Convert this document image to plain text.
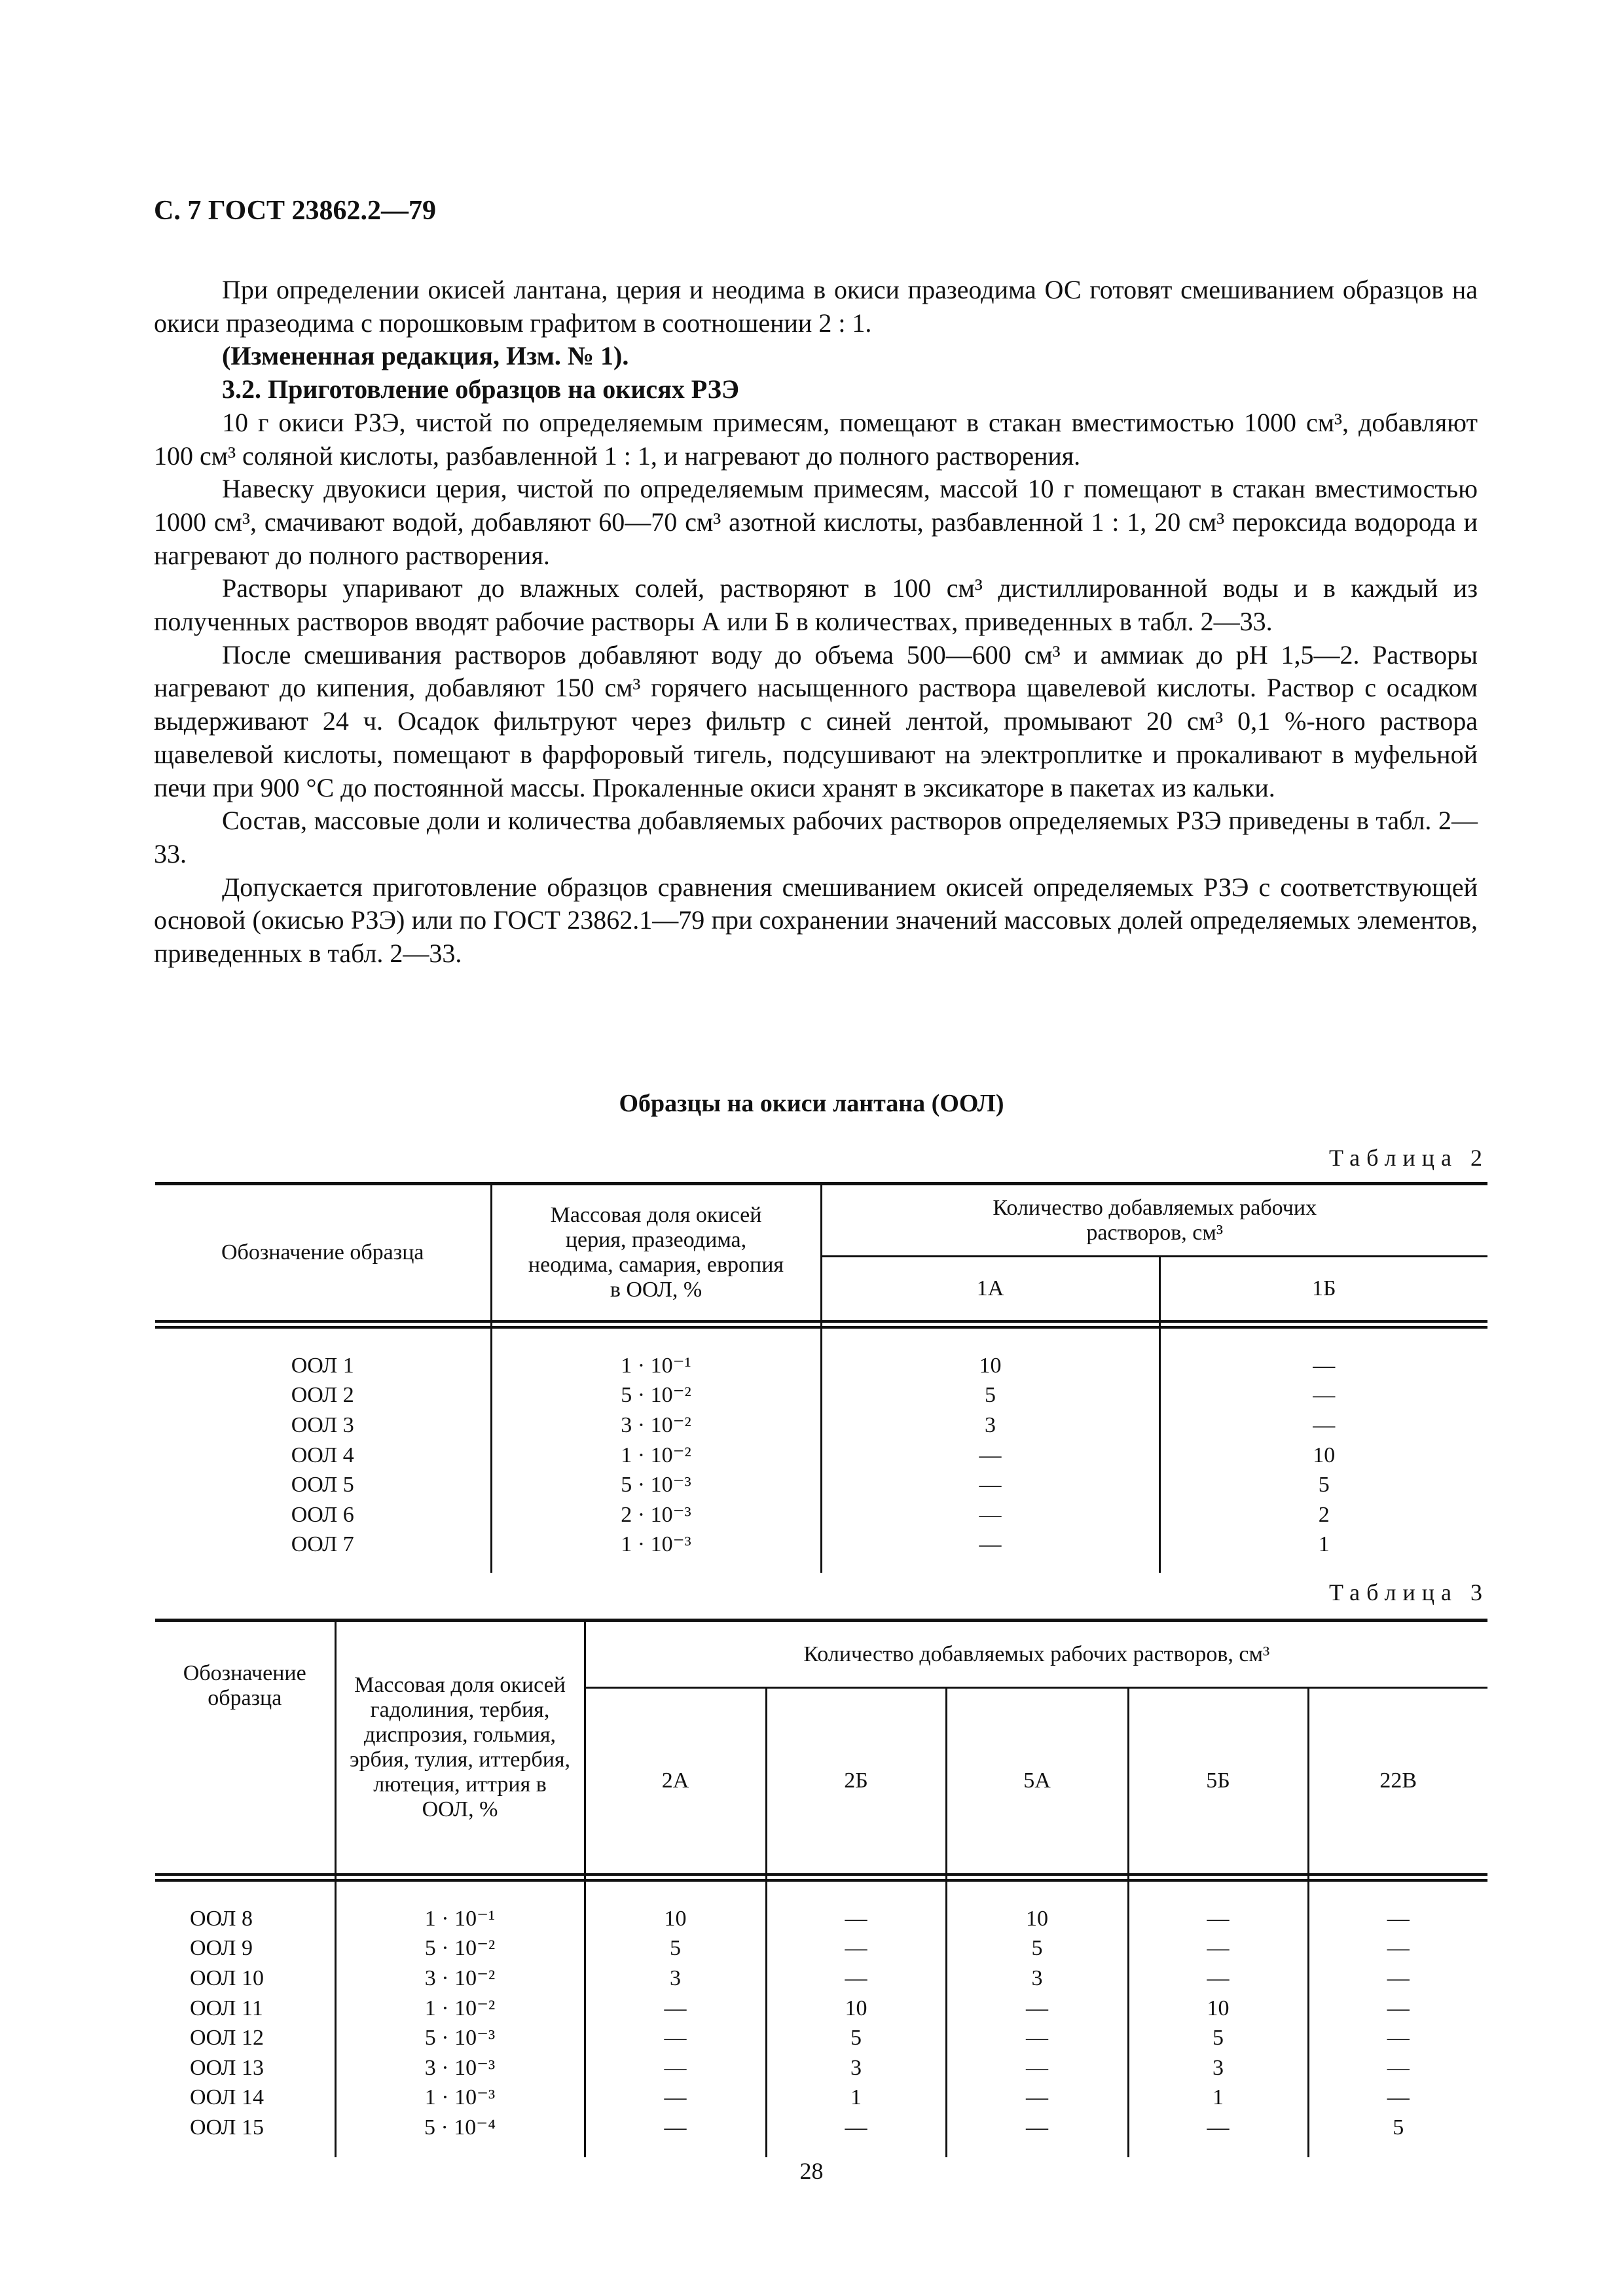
С. 7 ГОСТ 23862.2—79

При определении окисей лантана, церия и неодима в окиси празеодима ОС готовят смешиванием образцов на окиси празеодима с порошковым графитом в соотношении 2 : 1.

(Измененная редакция, Изм. № 1).

3.2. Приготовление образцов на окисях РЗЭ

10 г окиси РЗЭ, чистой по определяемым примесям, помещают в стакан вместимостью 1000 см³, добавляют 100 см³ соляной кислоты, разбавленной 1 : 1, и нагревают до полного растворения.

Навеску двуокиси церия, чистой по определяемым примесям, массой 10 г помещают в стакан вместимостью 1000 см³, смачивают водой, добавляют 60—70 см³ азотной кислоты, разбавленной 1 : 1, 20 см³ пероксида водорода и нагревают до полного растворения.

Растворы упаривают до влажных солей, растворяют в 100 см³ дистиллированной воды и в каждый из полученных растворов вводят рабочие растворы А или Б в количествах, приведенных в табл. 2—33.

После смешивания растворов добавляют воду до объема 500—600 см³ и аммиак до рН 1,5—2. Растворы нагревают до кипения, добавляют 150 см³ горячего насыщенного раствора щавелевой кислоты. Раствор с осадком выдерживают 24 ч. Осадок фильтруют через фильтр с синей лентой, промывают 20 см³ 0,1 %-ного раствора щавелевой кислоты, помещают в фарфоровый тигель, подсушивают на электроплитке и прокаливают в муфельной печи при 900 °С до постоянной массы. Прокаленные окиси хранят в эксикаторе в пакетах из кальки.

Состав, массовые доли и количества добавляемых рабочих растворов определяемых РЗЭ приведены в табл. 2—33.

Допускается приготовление образцов сравнения смешиванием окисей определяемых РЗЭ с соответствующей основой (окисью РЗЭ) или по ГОСТ 23862.1—79 при сохранении значений массовых долей определяемых элементов, приведенных в табл. 2—33.

Образцы на окиси лантана (ООЛ)
Таблица 2
Обозначение образца	Массовая доля окисей церия, празеодима, неодима, самария, европия в ООЛ, %	Количество добавляемых рабочих растворов, см³	
		1А	1Б

ООЛ 1	1 · 10⁻¹	10	—
ООЛ 2	5 · 10⁻²	5	—
ООЛ 3	3 · 10⁻²	3	—
ООЛ 4	1 · 10⁻²	—	10
ООЛ 5	5 · 10⁻³	—	5
ООЛ 6	2 · 10⁻³	—	2
ООЛ 7	1 · 10⁻³	—	1

Таблица 3
Обозначение образца	Массовая доля окисей гадолиния, тербия, диспрозия, гольмия, эрбия, тулия, иттербия, лютеция, иттрия в ООЛ, %	Количество добавляемых рабочих растворов, см³				
		2А	2Б	5А	5Б	22В

ООЛ 8	1 · 10⁻¹	10	—	10	—	—
ООЛ 9	5 · 10⁻²	5	—	5	—	—
ООЛ 10	3 · 10⁻²	3	—	3	—	—
ООЛ 11	1 · 10⁻²	—	10	—	10	—
ООЛ 12	5 · 10⁻³	—	5	—	5	—
ООЛ 13	3 · 10⁻³	—	3	—	3	—
ООЛ 14	1 · 10⁻³	—	1	—	1	—
ООЛ 15	5 · 10⁻⁴	—	—	—	—	5

28
